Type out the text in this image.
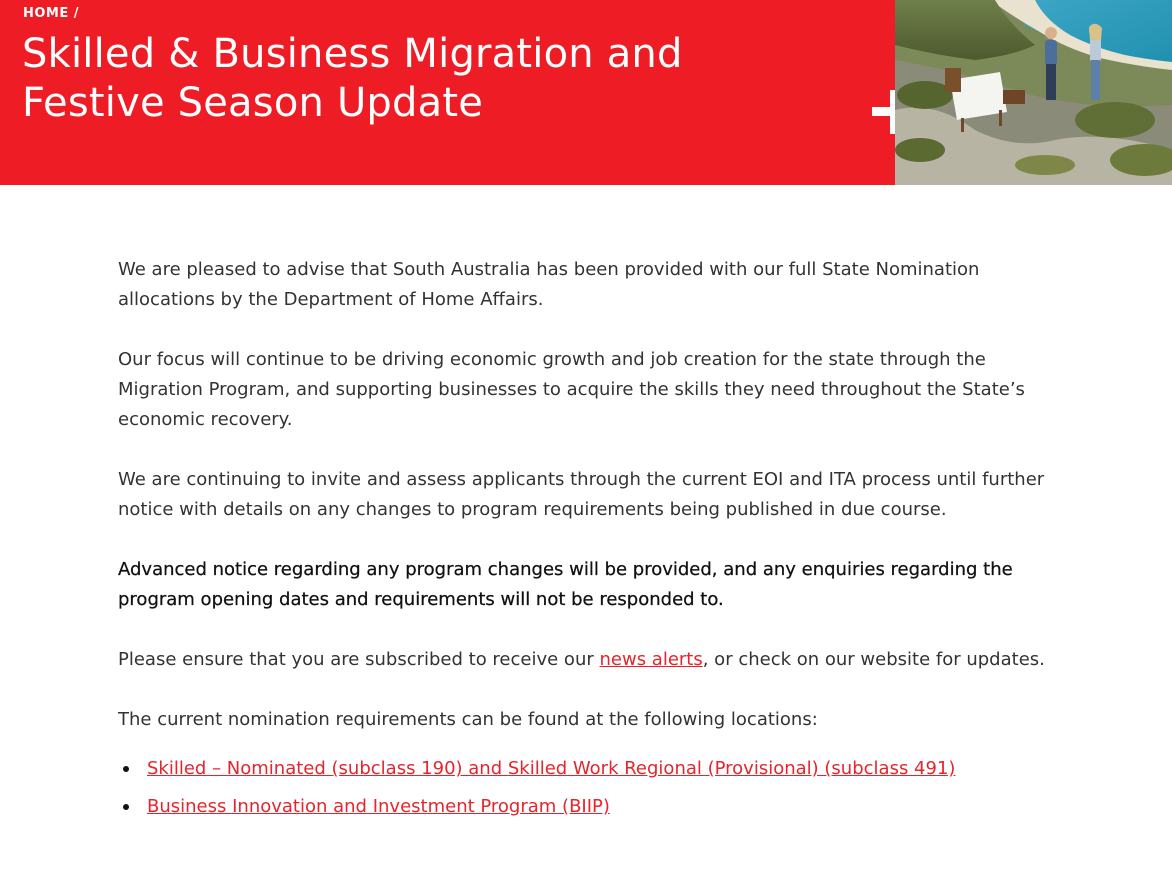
HOME /
Skilled & Business Migration and
Festive Season Update

We are pleased to advise that South Australia has been provided with our full State Nomination allocations by the Department of Home Affairs.

Our focus will continue to be driving economic growth and job creation for the state through the Migration Program, and supporting businesses to acquire the skills they need throughout the State’s economic recovery.

We are continuing to invite and assess applicants through the current EOI and ITA process until further notice with details on any changes to program requirements being published in due course.

Advanced notice regarding any program changes will be provided, and any enquiries regarding the program opening dates and requirements will not be responded to.

Please ensure that you are subscribed to receive our news alerts, or check on our website for updates.

The current nomination requirements can be found at the following locations:

Skilled – Nominated (subclass 190) and Skilled Work Regional (Provisional) (subclass 491)
Business Innovation and Investment Program (BIIP)
